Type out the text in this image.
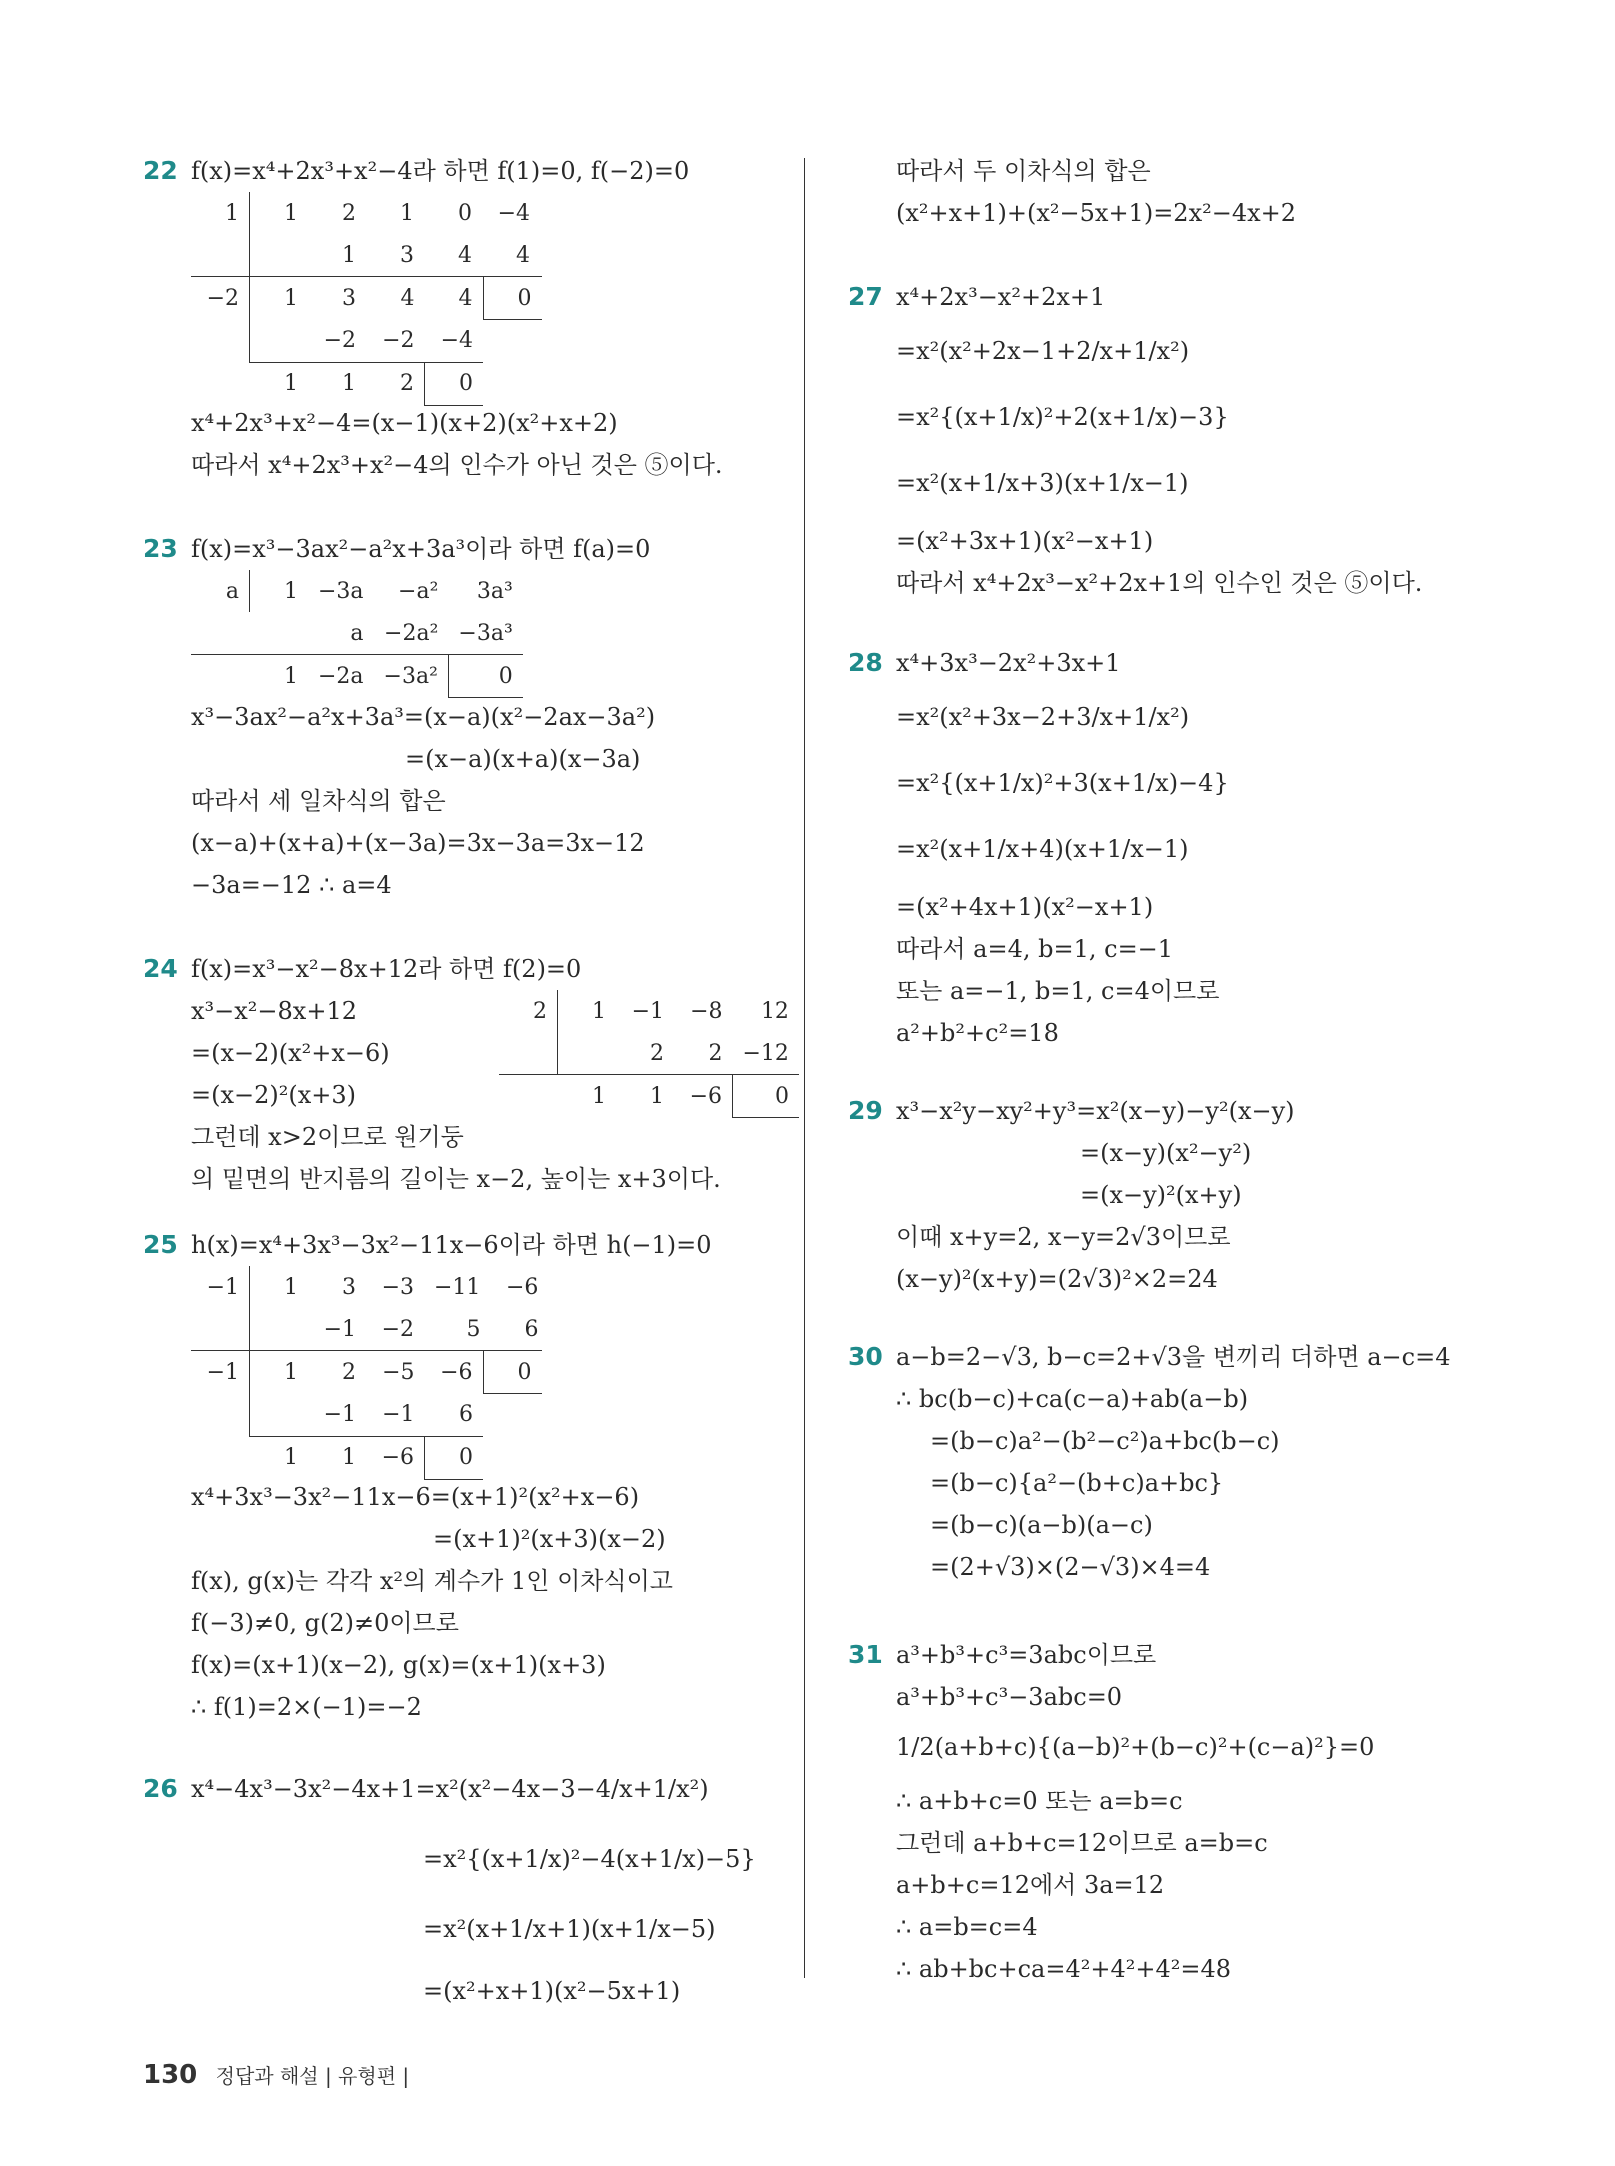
22 f(x)=x⁴+2x³+x²−4라 하면 f(1)=0, f(−2)=0
1	1	2	1	0	−4
		1	3	4	4
−2	1	3	4	4	0
		−2	−2	−4	
	1	1	2	0	
x⁴+2x³+x²−4=(x−1)(x+2)(x²+x+2)
따라서 x⁴+2x³+x²−4의 인수가 아닌 것은 ⑤이다.
23 f(x)=x³−3ax²−a²x+3a³이라 하면 f(a)=0
a	1	−3a	−a²	3a³
		a	−2a²	−3a³
	1	−2a	−3a²	0
x³−3ax²−a²x+3a³=(x−a)(x²−2ax−3a²)
=(x−a)(x+a)(x−3a)
따라서 세 일차식의 합은
(x−a)+(x+a)+(x−3a)=3x−3a=3x−12
−3a=−12 ∴ a=4
24 f(x)=x³−x²−8x+12라 하면 f(2)=0
x³−x²−8x+12
=(x−2)(x²+x−6)
=(x−2)²(x+3)
2	1	−1	−8	12
		2	2	−12
	1	1	−6	0
그런데 x>2이므로 원기둥
의 밑면의 반지름의 길이는 x−2, 높이는 x+3이다.
25 h(x)=x⁴+3x³−3x²−11x−6이라 하면 h(−1)=0
−1	1	3	−3	−11	−6
		−1	−2	5	6
−1	1	2	−5	−6	0
		−1	−1	6	
	1	1	−6	0	
x⁴+3x³−3x²−11x−6=(x+1)²(x²+x−6)
=(x+1)²(x+3)(x−2)
f(x), g(x)는 각각 x²의 계수가 1인 이차식이고
f(−3)≠0, g(2)≠0이므로
f(x)=(x+1)(x−2), g(x)=(x+1)(x+3)
∴ f(1)=2×(−1)=−2
26 x⁴−4x³−3x²−4x+1=x²(x²−4x−3−4/x+1/x²)
=x²{(x+1/x)²−4(x+1/x)−5}
=x²(x+1/x+1)(x+1/x−5)
=(x²+x+1)(x²−5x+1)
따라서 두 이차식의 합은
(x²+x+1)+(x²−5x+1)=2x²−4x+2
27 x⁴+2x³−x²+2x+1
=x²(x²+2x−1+2/x+1/x²)
=x²{(x+1/x)²+2(x+1/x)−3}
=x²(x+1/x+3)(x+1/x−1)
=(x²+3x+1)(x²−x+1)
따라서 x⁴+2x³−x²+2x+1의 인수인 것은 ⑤이다.
28 x⁴+3x³−2x²+3x+1
=x²(x²+3x−2+3/x+1/x²)
=x²{(x+1/x)²+3(x+1/x)−4}
=x²(x+1/x+4)(x+1/x−1)
=(x²+4x+1)(x²−x+1)
따라서 a=4, b=1, c=−1
또는 a=−1, b=1, c=4이므로
a²+b²+c²=18
29 x³−x²y−xy²+y³=x²(x−y)−y²(x−y)
=(x−y)(x²−y²)
=(x−y)²(x+y)
이때 x+y=2, x−y=2√3이므로
(x−y)²(x+y)=(2√3)²×2=24
30 a−b=2−√3, b−c=2+√3을 변끼리 더하면 a−c=4
∴ bc(b−c)+ca(c−a)+ab(a−b)
=(b−c)a²−(b²−c²)a+bc(b−c)
=(b−c){a²−(b+c)a+bc}
=(b−c)(a−b)(a−c)
=(2+√3)×(2−√3)×4=4
31 a³+b³+c³=3abc이므로
a³+b³+c³−3abc=0
1/2(a+b+c){(a−b)²+(b−c)²+(c−a)²}=0
∴ a+b+c=0 또는 a=b=c
그런데 a+b+c=12이므로 a=b=c
a+b+c=12에서 3a=12
∴ a=b=c=4
∴ ab+bc+ca=4²+4²+4²=48
130 정답과 해설 | 유형편 |
